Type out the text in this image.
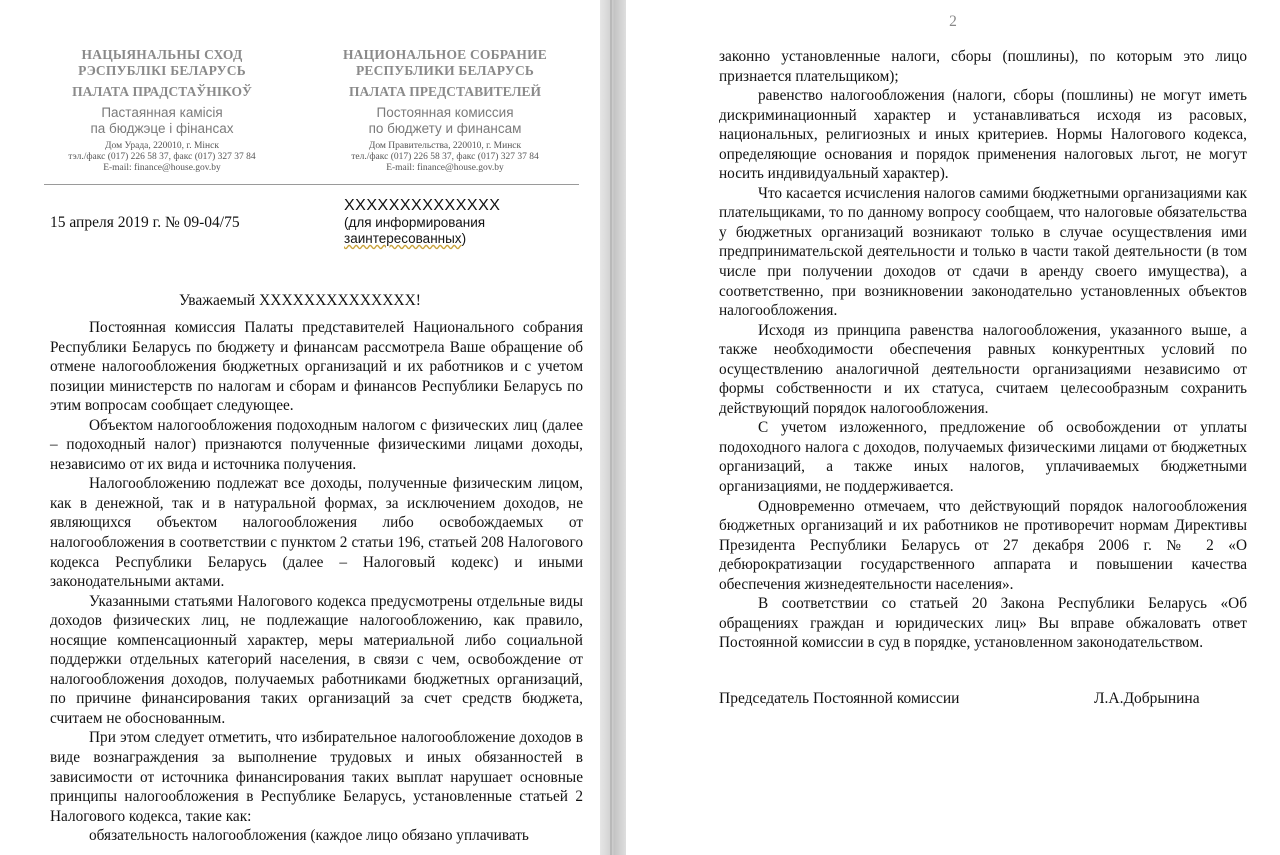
НАЦЫЯНАЛЬНЫ СХОД
РЭСПУБЛІКІ БЕЛАРУСЬ
ПАЛАТА ПРАДСТАЎНІКОЎ
Пастаянная камісія
па бюджэце і фінансах
Дом Урада, 220010, г. Мінск
тэл./факс (017) 226 58 37, факс (017) 327 37 84
E-mail: finance@house.gov.by
НАЦИОНАЛЬНОЕ СОБРАНИЕ
РЕСПУБЛИКИ БЕЛАРУСЬ
ПАЛАТА ПРЕДСТАВИТЕЛЕЙ
Постоянная комиссия
по бюджету и финансам
Дом Правительства, 220010, г. Минск
тел./факс (017) 226 58 37, факс (017) 327 37 84
E-mail: finance@house.gov.by
15 апреля 2019 г. № 09-04/75
XXXXXXXXXXXXXX
(для информирования
заинтересованных)
Уважаемый XXXXXXXXXXXXXX!

Постоянная комиссия Палаты представителей Национального собрания Республики Беларусь по бюджету и финансам рассмотрела Ваше обращение об отмене налогообложения бюджетных организаций и их работников и с учетом позиции министерств по налогам и сборам и финансов Республики Беларусь по этим вопросам сообщает следующее.

Объектом налогообложения подоходным налогом с физических лиц (далее – подоходный налог) признаются полученные физическими лицами доходы, независимо от их вида и источника получения.

Налогообложению подлежат все доходы, полученные физическим лицом, как в денежной, так и в натуральной формах, за исключением доходов, не являющихся объектом налогообложения либо освобождаемых от налогообложения в соответствии с пунктом 2 статьи 196, статьей 208 Налогового кодекса Республики Беларусь (далее – Налоговый кодекс) и иными законодательными актами.

Указанными статьями Налогового кодекса предусмотрены отдельные виды доходов физических лиц, не подлежащие налогообложению, как правило, носящие компенсационный характер, меры материальной либо социальной поддержки отдельных категорий населения, в связи с чем, освобождение от налогообложения доходов, получаемых работниками бюджетных организаций, по причине финансирования таких организаций за счет средств бюджета, считаем не обоснованным.

При этом следует отметить, что избирательное налогообложение доходов в виде вознаграждения за выполнение трудовых и иных обязанностей в зависимости от источника финансирования таких выплат нарушает основные принципы налогообложения в Республике Беларусь, установленные статьей 2 Налогового кодекса, такие как:

обязательность налогообложения (каждое лицо обязано уплачивать

2

законно установленные налоги, сборы (пошлины), по которым это лицо признается плательщиком);

равенство налогообложения (налоги, сборы (пошлины) не могут иметь дискриминационный характер и устанавливаться исходя из расовых, национальных, религиозных и иных критериев. Нормы Налогового кодекса, определяющие основания и порядок применения налоговых льгот, не могут носить индивидуальный характер).

Что касается исчисления налогов самими бюджетными организациями как плательщиками, то по данному вопросу сообщаем, что налоговые обязательства у бюджетных организаций возникают только в случае осуществления ими предпринимательской деятельности и только в части такой деятельности (в том числе при получении доходов от сдачи в аренду своего имущества), а соответственно, при возникновении законодательно установленных объектов налогообложения.

Исходя из принципа равенства налогообложения, указанного выше, а также необходимости обеспечения равных конкурентных условий по осуществлению аналогичной деятельности организациями независимо от формы собственности и их статуса, считаем целесообразным сохранить действующий порядок налогообложения.

С учетом изложенного, предложение об освобождении от уплаты подоходного налога с доходов, получаемых физическими лицами от бюджетных организаций, а также иных налогов, уплачиваемых бюджетными организациями, не поддерживается.

Одновременно отмечаем, что действующий порядок налогообложения бюджетных организаций и их работников не противоречит нормам Директивы Президента Республики Беларусь от 27 декабря 2006 г. № 2 «О дебюрократизации государственного аппарата и повышении качества обеспечения жизнедеятельности населения».

В соответствии со статьей 20 Закона Республики Беларусь «Об обращениях граждан и юридических лиц» Вы вправе обжаловать ответ Постоянной комиссии в суд в порядке, установленном законодательством.

Председатель Постоянной комиссии	Л.А.Добрынина
